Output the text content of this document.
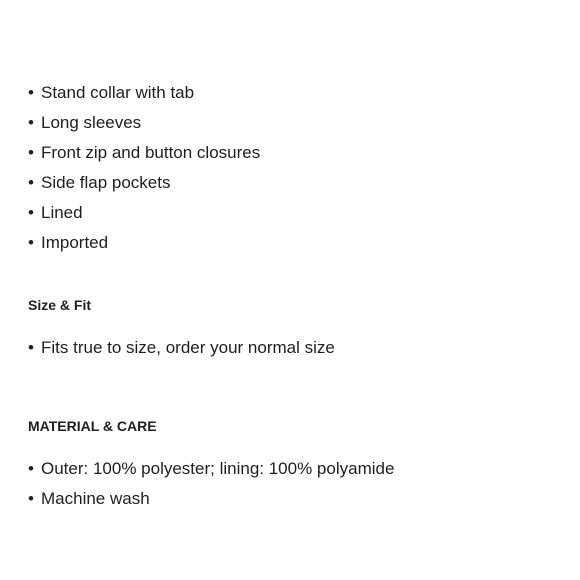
• Stand collar with tab
• Long sleeves
• Front zip and button closures
• Side flap pockets
• Lined
• Imported
Size & Fit
• Fits true to size, order your normal size
MATERIAL & CARE
• Outer: 100% polyester; lining: 100% polyamide
• Machine wash
